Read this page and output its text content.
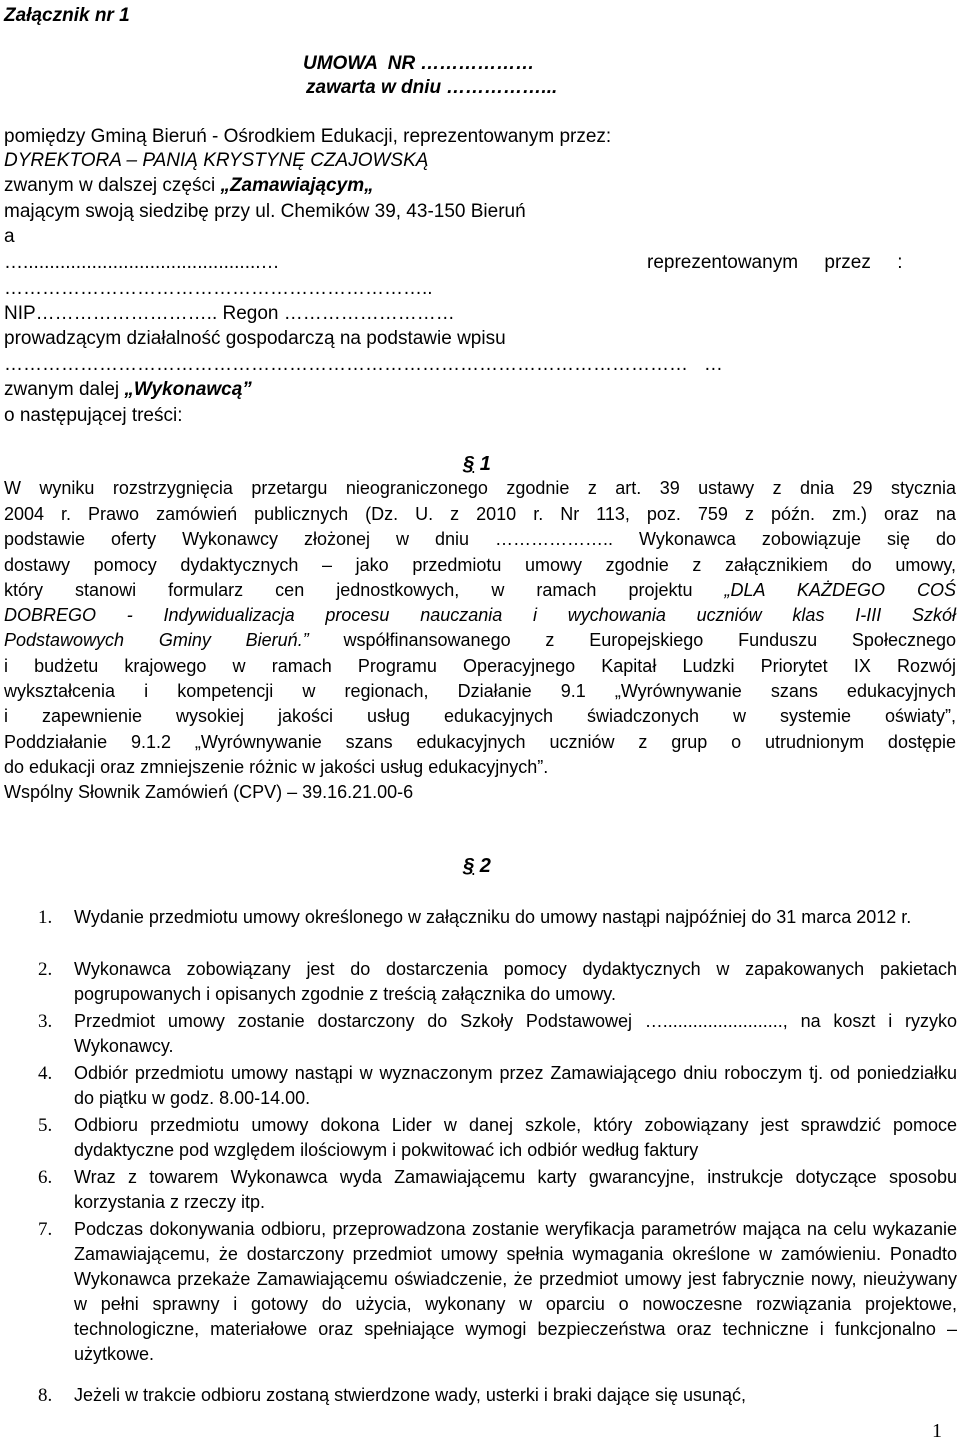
Załącznik nr 1
UMOWA  NR ………………
zawarta w dniu ……………...
pomiędzy Gminą Bieruń - Ośrodkiem Edukacji, reprezentowanym przez:
DYREKTORA – PANIĄ KRYSTYNĘ CZAJOWSKĄ
zwanym w dalszej części „Zamawiającym„
mającym swoją siedzibę przy ul. Chemików 39, 43-150 Bieruń
a
….............................................…	reprezentowanym     przez     :
…………………………………………………………..
NIP……………………….. Regon ………………………
prowadzącym działalność gospodarczą na podstawie wpisu
………………………………………………………………………………………………   …
zwanym dalej „Wykonawcą”
o następującej treści:
§ 1
W wyniku rozstrzygnięcia przetargu nieograniczonego zgodnie z art. 39 ustawy z dnia 29 stycznia
2004 r. Prawo zamówień publicznych (Dz. U. z 2010 r. Nr 113, poz. 759 z późn. zm.) oraz na
podstawie oferty Wykonawcy złożonej w dniu ……………….. Wykonawca zobowiązuje się do
dostawy pomocy dydaktycznych – jako przedmiotu umowy zgodnie z załącznikiem do umowy,
który stanowi formularz cen jednostkowych, w ramach projektu „DLA KAŻDEGO COŚ
DOBREGO - Indywidualizacja procesu nauczania i wychowania uczniów klas I-III Szkół
Podstawowych Gminy Bieruń.” współfinansowanego z Europejskiego Funduszu Społecznego
i budżetu krajowego w ramach Programu Operacyjnego Kapitał Ludzki Priorytet IX Rozwój
wykształcenia i kompetencji w regionach, Działanie 9.1 „Wyrównywanie szans edukacyjnych
i zapewnienie wysokiej jakości usług edukacyjnych świadczonych w systemie oświaty”,
Poddziałanie 9.1.2 „Wyrównywanie szans edukacyjnych uczniów z grup o utrudnionym dostępie
do edukacji oraz zmniejszenie różnic w jakości usług edukacyjnych”.
Wspólny Słownik Zamówień (CPV) – 39.16.21.00-6
§ 2
1. Wydanie przedmiotu umowy określonego w załączniku do umowy nastąpi najpóźniej do 31 marca 2012 r.
2. Wykonawca zobowiązany jest do dostarczenia pomocy dydaktycznych w zapakowanych pakietach pogrupowanych i opisanych zgodnie z treścią załącznika do umowy.
3. Przedmiot umowy zostanie dostarczony do Szkoły Podstawowej …........................, na koszt i ryzyko Wykonawcy.
4. Odbiór przedmiotu umowy nastąpi w wyznaczonym przez Zamawiającego dniu roboczym tj. od poniedziałku do piątku w godz. 8.00-14.00.
5. Odbioru przedmiotu umowy dokona Lider w danej szkole, który zobowiązany jest sprawdzić pomoce dydaktyczne pod względem ilościowym i pokwitować ich odbiór według faktury
6. Wraz z towarem Wykonawca wyda Zamawiającemu karty gwarancyjne, instrukcje dotyczące sposobu korzystania z rzeczy itp.
7. Podczas dokonywania odbioru, przeprowadzona zostanie weryfikacja parametrów mająca na celu wykazanie Zamawiającemu, że dostarczony przedmiot umowy spełnia wymagania określone w zamówieniu. Ponadto Wykonawca przekaże Zamawiającemu oświadczenie, że przedmiot umowy jest fabrycznie nowy, nieużywany w pełni sprawny i gotowy do użycia, wykonany w oparciu o nowoczesne rozwiązania projektowe, technologiczne, materiałowe oraz spełniające wymogi bezpieczeństwa oraz techniczne i funkcjonalno – użytkowe.
8. Jeżeli w trakcie odbioru zostaną stwierdzone wady, usterki i braki dające się usunąć,
1
